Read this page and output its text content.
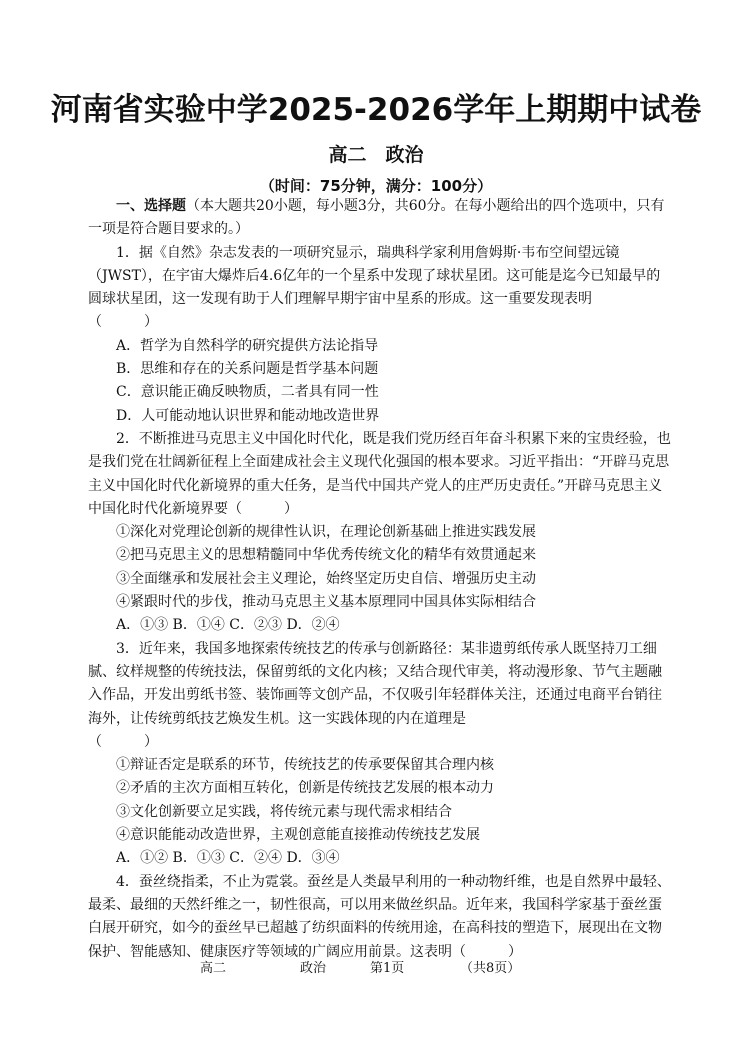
河南省实验中学2025-2026学年上期期中试卷
高二　政治
（时间：75分钟，满分：100分）

一、选择题（本大题共20小题，每小题3分，共60分。在每小题给出的四个选项中，只有一项是符合题目要求的。）

1．据《自然》杂志发表的一项研究显示，瑞典科学家利用詹姆斯·韦布空间望远镜（JWST），在宇宙大爆炸后4.6亿年的一个星系中发现了球状星团。这可能是迄今已知最早的圆球状星团，这一发现有助于人们理解早期宇宙中星系的形成。这一重要发现表明

（　　　）

A．哲学为自然科学的研究提供方法论指导

B．思维和存在的关系问题是哲学基本问题

C．意识能正确反映物质，二者具有同一性

D．人可能动地认识世界和能动地改造世界

2．不断推进马克思主义中国化时代化，既是我们党历经百年奋斗积累下来的宝贵经验，也是我们党在壮阔新征程上全面建成社会主义现代化强国的根本要求。习近平指出：“开辟马克思主义中国化时代化新境界的重大任务，是当代中国共产党人的庄严历史责任。”开辟马克思主义中国化时代化新境界要（　　　）

①深化对党理论创新的规律性认识，在理论创新基础上推进实践发展

②把马克思主义的思想精髓同中华优秀传统文化的精华有效贯通起来

③全面继承和发展社会主义理论，始终坚定历史自信、增强历史主动

④紧跟时代的步伐，推动马克思主义基本原理同中国具体实际相结合

A．①③ B．①④ C．②③ D．②④

3．近年来，我国多地探索传统技艺的传承与创新路径：某非遗剪纸传承人既坚持刀工细腻、纹样规整的传统技法，保留剪纸的文化内核；又结合现代审美，将动漫形象、节气主题融入作品，开发出剪纸书签、装饰画等文创产品，不仅吸引年轻群体关注，还通过电商平台销往海外，让传统剪纸技艺焕发生机。这一实践体现的内在道理是

（　　　）

①辩证否定是联系的环节，传统技艺的传承要保留其合理内核

②矛盾的主次方面相互转化，创新是传统技艺发展的根本动力

③文化创新要立足实践，将传统元素与现代需求相结合

④意识能能动改造世界，主观创意能直接推动传统技艺发展

A．①② B．①③ C．②④ D．③④

4．蚕丝绕指柔，不止为霓裳。蚕丝是人类最早利用的一种动物纤维，也是自然界中最轻、最柔、最细的天然纤维之一，韧性很高，可以用来做丝织品。近年来，我国科学家基于蚕丝蛋白展开研究，如今的蚕丝早已超越了纺织面料的传统用途，在高科技的塑造下，展现出在文物保护、智能感知、健康医疗等领域的广阔应用前景。这表明（　　　）

高二	政治	第1页	（共8页）
